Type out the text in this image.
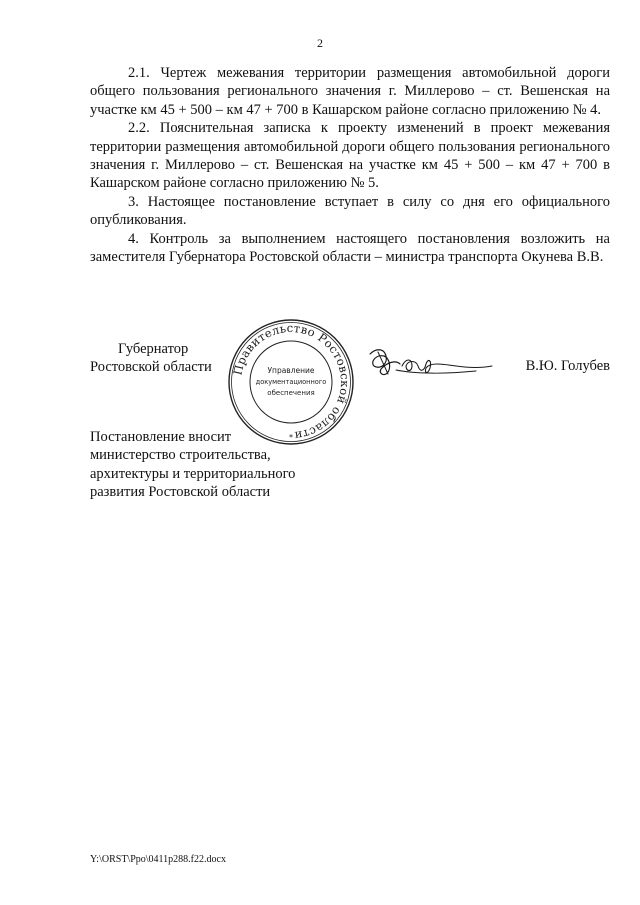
2

2.1. Чертеж межевания территории размещения автомобильной дороги общего пользования регионального значения г. Миллерово – ст. Вешенская на участке км 45 + 500 – км 47 + 700 в Кашарском районе согласно приложению № 4.

2.2. Пояснительная записка к проекту изменений в проект межевания территории размещения автомобильной дороги общего пользования регионального значения г. Миллерово – ст. Вешенская на участке км 45 + 500 – км 47 + 700 в Кашарском районе согласно приложению № 5.

3. Настоящее постановление вступает в силу со дня его официального опубликования.

4. Контроль за выполнением настоящего постановления возложить на заместителя Губернатора Ростовской области – министра транспорта Окунева В.В.

Губернатор
Ростовской области Правительство Ростовской области
Управление
документационного
обеспечения
*
В.Ю. Голубев
Постановление вносит
министерство строительства,
архитектуры и территориального
развития Ростовской области
Y:\ORST\Ppo\0411p288.f22.docx
